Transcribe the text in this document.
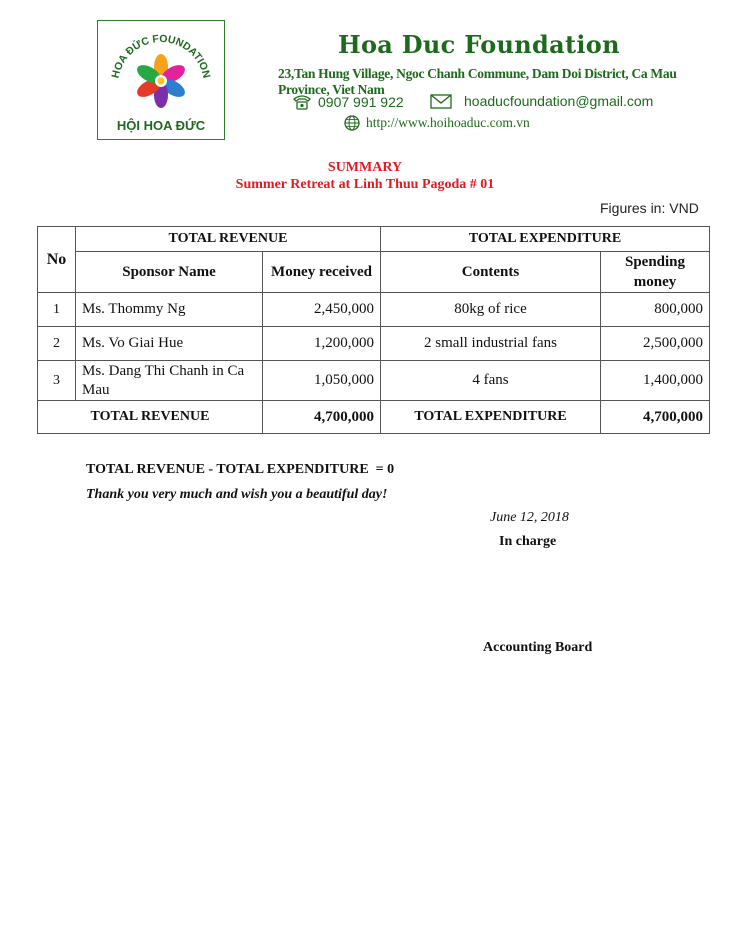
HOA ĐỨC FOUNDATION
HỘI HOA ĐỨC
Hoa Duc Foundation
23,Tan Hung Village, Ngoc Chanh Commune, Dam Doi District, Ca Mau Province, Viet Nam
0907 991 922	hoaducfoundation@gmail.com
http://www.hoihoaduc.com.vn
SUMMARY
Summer Retreat at Linh Thuu Pagoda # 01
Figures in: VND
No	TOTAL REVENUE		TOTAL EXPENDITURE	
	Sponsor Name	Money received	Contents	Spending money
1	Ms. Thommy Ng	2,450,000	80kg of rice	800,000
2	Ms. Vo Giai Hue	1,200,000	2 small industrial fans	2,500,000
3	Ms. Dang Thi Chanh in Ca Mau	1,050,000	4 fans	1,400,000
TOTAL REVENUE		4,700,000	TOTAL EXPENDITURE	4,700,000
TOTAL REVENUE - TOTAL EXPENDITURE  = 0
Thank you very much and wish you a beautiful day!
June 12, 2018
In charge
Accounting Board
